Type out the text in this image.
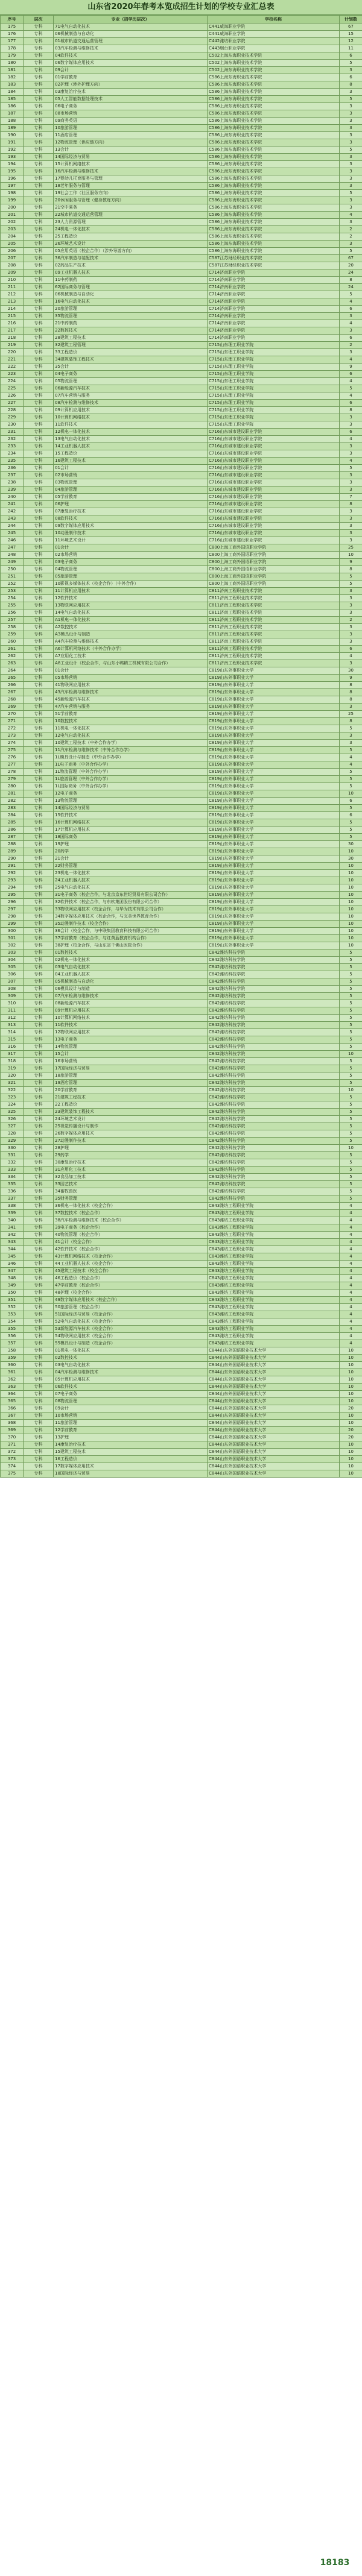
山东省2020年春考本览成招生计划的学校专业汇总表
序号	层次	专业（招学历层次）	学校名称	计划数
175	专科	71电气自动化技术	C441威海职业学院	67
176	专科	06机械制造与自动化	C441威海职业学院	15
177	专科	01城市轨道交通运营管理	C442潍坊职业学院	12
178	专科	03汽车检测与维修技术	C443烟台职业学院	11
179	专科	04软件技术	C502上海东海职业技术学院	6
180	专科	06数字媒体应用技术	C502上海东海职业技术学院	5
181	专科	09会计	C502上海东海职业技术学院	3
182	专科	01学前教育	C586上海东海职业技术学院	6
183	专科	02护理（涉外护理方向）	C586上海东海职业技术学院	8
184	专科	03康复治疗技术	C586上海东海职业技术学院	3
185	专科	05人工智能数据处理技术	C586上海东海职业技术学院	5
186	专科	06电子商务	C586上海东海职业技术学院	3
187	专科	08市场营销	C586上海东海职业技术学院	3
188	专科	09商务英语	C586上海东海职业技术学院	3
189	专科	10旅游管理	C586上海东海职业技术学院	3
190	专科	11酒店管理	C586上海东海职业技术学院	3
191	专科	12物流管理（供应链方向）	C586上海东海职业技术学院	3
192	专科	13会计	C586上海东海职业技术学院	5
193	专科	14国际经济与贸易	C586上海东海职业技术学院	3
194	专科	15计算机网络技术	C586上海东海职业技术学院	3
195	专科	16汽车检测与维修技术	C586上海东海职业技术学院	3
196	专科	17婴幼儿托育服务与管理	C586上海东海职业技术学院	3
197	专科	18老年服务与管理	C586上海东海职业技术学院	3
198	专科	19社会工作（社区服务方向）	C586上海东海职业技术学院	5
199	专科	20休闲服务与管理（健身教练方向）	C586上海东海职业技术学院	3
200	专科	21空中乘务	C586上海东海职业技术学院	3
201	专科	22城市轨道交通运营管理	C586上海东海职业技术学院	4
202	专科	23人力资源管理	C586上海东海职业技术学院	3
203	专科	24机电一体化技术	C586上海东海职业技术学院	2
204	专科	25工程造价	C586上海东海职业技术学院	2
205	专科	26环境艺术设计	C586上海东海职业技术学院	3
206	专科	05应用英语（校企合作）（涉外导游方向）	C586上海东海职业技术学院	5
207	专科	36汽车制造与装配技术	C587江苏财经职业技术学院	67
208	专科	02药品生产技术	C587江苏财经职业技术学院	20
209	专科	09工业机器人技术	C714济南职业学院	24
210	专科	11中药制药	C714济南职业学院	8
211	专科	62国际商务与管理	C714济南职业学院	24
212	专科	06机械制造与自动化	C714济南职业学院	5
213	专科	16电气自动化技术	C714济南职业学院	4
214	专科	20旅游管理	C714济南职业学院	6
215	专科	35物流管理	C714济南职业学院	3
216	专科	21中药制药	C714济南职业学院	4
217	专科	22数控技术	C714济南职业学院	3
218	专科	28建筑工程技术	C714济南职业学院	6
219	专科	32建筑工程管理	C715山东理工职业学院	2
220	专科	33工程造价	C715山东理工职业学院	3
221	专科	34建筑装饰工程技术	C715山东理工职业学院	4
222	专科	35会计	C715山东理工职业学院	9
223	专科	04电子商务	C715山东理工职业学院	6
224	专科	05物流管理	C715山东理工职业学院	4
225	专科	06新能源汽车技术	C715山东理工职业学院	5
226	专科	07汽车营销与服务	C715山东理工职业学院	4
227	专科	08汽车检测与维修技术	C715山东理工职业学院	6
228	专科	09计算机应用技术	C715山东理工职业学院	8
229	专科	10计算机网络技术	C715山东理工职业学院	3
230	专科	11软件技术	C715山东理工职业学院	3
231	专科	12机电一体化技术	C716山东城市建设职业学院	6
232	专科	13电气自动化技术	C716山东城市建设职业学院	4
233	专科	14工业机器人技术	C716山东城市建设职业学院	3
234	专科	15工程造价	C716山东城市建设职业学院	3
235	专科	16建筑工程技术	C716山东城市建设职业学院	4
236	专科	01会计	C716山东城市建设职业学院	5
237	专科	02市场营销	C716山东城市建设职业学院	3
238	专科	03物流管理	C716山东城市建设职业学院	3
239	专科	04旅游管理	C716山东城市建设职业学院	3
240	专科	05学前教育	C716山东城市建设职业学院	7
241	专科	06护理	C716山东城市建设职业学院	8
242	专科	07康复治疗技术	C716山东城市建设职业学院	3
243	专科	08软件技术	C716山东城市建设职业学院	3
244	专科	09数字媒体应用技术	C716山东城市建设职业学院	3
245	专科	10动漫制作技术	C716山东城市建设职业学院	3
246	专科	11环境艺术设计	C716山东城市建设职业学院	3
247	专科	01会计	C800上海工商外国语职业学院	25
248	专科	02市场营销	C800上海工商外国语职业学院	10
249	专科	03电子商务	C800上海工商外国语职业学院	9
250	专科	04物流管理	C800上海工商外国语职业学院	8
251	专科	05旅游管理	C800上海工商外国语职业学院	5
252	专科	10影视多媒体技术（校企合作）（中外合作）	C800上海工商外国语职业学院	5
253	专科	11计算机应用技术	C811济南工程职业技术学院	3
254	专科	12软件技术	C811济南工程职业技术学院	3
255	专科	13物联网应用技术	C811济南工程职业技术学院	3
256	专科	14电气自动化技术	C811济南工程职业技术学院	3
257	专科	A1机电一体化技术	C811济南工程职业技术学院	2
258	专科	A2数控技术	C811济南工程职业技术学院	3
259	专科	A3模具设计与制造	C811济南工程职业技术学院	3
260	专科	A4汽车检测与维修技术	C811济南工程职业技术学院	3
261	专科	A6计算机网络技术（中外合作办学）	C811济南工程职业技术学院	6
262	专科	A7应用化工技术	C811济南工程职业技术学院	4
263	专科	A8工业设计（校企合作，与山东小鸭精工机械有限公司合作）	C811济南工程职业技术学院	3
264	专科	01会计	C819山东外事职业大学	30
265	专科	05市场营销	C819山东外事职业大学	9
266	专科	41物联网应用技术	C819山东外事职业大学	8
267	专科	43汽车检测与维修技术	C819山东外事职业大学	8
268	专科	45新能源汽车技术	C819山东外事职业大学	8
269	专科	47汽车营销与服务	C819山东外事职业大学	3
270	专科	51学前教育	C819山东外事职业大学	25
271	专科	10数控技术	C819山东外事职业大学	8
272	专科	11机电一体化技术	C819山东外事职业大学	5
273	专科	12电气自动化技术	C819山东外事职业大学	3
274	专科	10建筑工程技术（中外合作办学）	C819山东外事职业大学	3
275	专科	11汽车检测与维修技术（中外合作办学）	C819山东外事职业大学	5
276	专科	1L模具设计与制造（中外合作办学）	C819山东外事职业大学	4
277	专科	1L电子商务（中外合作办学）	C819山东外事职业大学	4
278	专科	1L物流管理（中外合作办学）	C819山东外事职业大学	5
279	专科	1L旅游管理（中外合作办学）	C819山东外事职业大学	5
280	专科	1L国际商务（中外合作办学）	C819山东外事职业大学	5
281	专科	12电子商务	C819山东外事职业大学	10
282	专科	13物流管理	C819山东外事职业大学	6
283	专科	14国际经济与贸易	C819山东外事职业大学	5
284	专科	15软件技术	C819山东外事职业大学	6
285	专科	16计算机网络技术	C819山东外事职业大学	5
286	专科	17计算机应用技术	C819山东外事职业大学	5
287	专科	18国际商务	C819山东外事职业大学	5
288	专科	19护理	C819山东外事职业大学	30
289	专科	20药学	C819山东外事职业大学	10
290	专科	21会计	C819山东外事职业大学	30
291	专科	22财务管理	C819山东外事职业大学	10
292	专科	23机电一体化技术	C819山东外事职业大学	10
293	专科	24工业机器人技术	C819山东外事职业大学	10
294	专科	25电气自动化技术	C819山东外事职业大学	10
295	专科	31电子商务（校企合作，与北京京东世纪贸易有限公司合作）	C819山东外事职业大学	10
296	专科	32软件技术（校企合作，与东软集团股份有限公司合作）	C819山东外事职业大学	10
297	专科	33物联网应用技术（校企合作，与华为技术有限公司合作）	C819山东外事职业大学	10
298	专科	34数字媒体应用技术（校企合作，与完美世界教育合作）	C819山东外事职业大学	10
299	专科	35动漫制作技术（校企合作）	C819山东外事职业大学	10
300	专科	36会计（校企合作，与中联集团教育科技有限公司合作）	C819山东外事职业大学	10
301	专科	37学前教育（校企合作，与红黄蓝教育机构合作）	C819山东外事职业大学	10
302	专科	38护理（校企合作，与山东省千佛山医院合作）	C819山东外事职业大学	10
303	专科	01数控技术	C842潍坊科技学院	5
304	专科	02机电一体化技术	C842潍坊科技学院	5
305	专科	03电气自动化技术	C842潍坊科技学院	5
306	专科	04工业机器人技术	C842潍坊科技学院	5
307	专科	05机械制造与自动化	C842潍坊科技学院	5
308	专科	06模具设计与制造	C842潍坊科技学院	5
309	专科	07汽车检测与维修技术	C842潍坊科技学院	5
310	专科	08新能源汽车技术	C842潍坊科技学院	5
311	专科	09计算机应用技术	C842潍坊科技学院	5
312	专科	10计算机网络技术	C842潍坊科技学院	5
313	专科	11软件技术	C842潍坊科技学院	5
314	专科	12物联网应用技术	C842潍坊科技学院	5
315	专科	13电子商务	C842潍坊科技学院	5
316	专科	14物流管理	C842潍坊科技学院	5
317	专科	15会计	C842潍坊科技学院	10
318	专科	16市场营销	C842潍坊科技学院	5
319	专科	17国际经济与贸易	C842潍坊科技学院	5
320	专科	18旅游管理	C842潍坊科技学院	5
321	专科	19酒店管理	C842潍坊科技学院	5
322	专科	20学前教育	C842潍坊科技学院	10
323	专科	21建筑工程技术	C842潍坊科技学院	5
324	专科	22工程造价	C842潍坊科技学院	5
325	专科	23建筑装饰工程技术	C842潍坊科技学院	5
326	专科	24环境艺术设计	C842潍坊科技学院	5
327	专科	25视觉传播设计与制作	C842潍坊科技学院	5
328	专科	26数字媒体应用技术	C842潍坊科技学院	5
329	专科	27动漫制作技术	C842潍坊科技学院	5
330	专科	28护理	C842潍坊科技学院	10
331	专科	29药学	C842潍坊科技学院	5
332	专科	30康复治疗技术	C842潍坊科技学院	5
333	专科	31应用化工技术	C842潍坊科技学院	5
334	专科	32食品加工技术	C842潍坊科技学院	5
335	专科	33园艺技术	C842潍坊科技学院	5
336	专科	34畜牧兽医	C842潍坊科技学院	5
337	专科	35财务管理	C842潍坊科技学院	5
338	专科	36机电一体化技术（校企合作）	C843潍坊工程职业学院	4
339	专科	37数控技术（校企合作）	C843潍坊工程职业学院	4
340	专科	38汽车检测与维修技术（校企合作）	C843潍坊工程职业学院	4
341	专科	39电子商务（校企合作）	C843潍坊工程职业学院	4
342	专科	40物流管理（校企合作）	C843潍坊工程职业学院	4
343	专科	41会计（校企合作）	C843潍坊工程职业学院	4
344	专科	42软件技术（校企合作）	C843潍坊工程职业学院	4
345	专科	43计算机网络技术（校企合作）	C843潍坊工程职业学院	4
346	专科	44工业机器人技术（校企合作）	C843潍坊工程职业学院	4
347	专科	45建筑工程技术（校企合作）	C843潍坊工程职业学院	4
348	专科	46工程造价（校企合作）	C843潍坊工程职业学院	4
349	专科	47学前教育（校企合作）	C843潍坊工程职业学院	4
350	专科	48护理（校企合作）	C843潍坊工程职业学院	4
351	专科	49数字媒体应用技术（校企合作）	C843潍坊工程职业学院	4
352	专科	50旅游管理（校企合作）	C843潍坊工程职业学院	4
353	专科	51国际经济与贸易（校企合作）	C843潍坊工程职业学院	4
354	专科	52电气自动化技术（校企合作）	C843潍坊工程职业学院	4
355	专科	53新能源汽车技术（校企合作）	C843潍坊工程职业学院	4
356	专科	54物联网应用技术（校企合作）	C843潍坊工程职业学院	4
357	专科	55模具设计与制造（校企合作）	C843潍坊工程职业学院	4
358	专科	01机电一体化技术	C844山东外国语职业技术大学	10
359	专科	02数控技术	C844山东外国语职业技术大学	10
360	专科	03电气自动化技术	C844山东外国语职业技术大学	10
361	专科	04汽车检测与维修技术	C844山东外国语职业技术大学	10
362	专科	05计算机应用技术	C844山东外国语职业技术大学	10
363	专科	06软件技术	C844山东外国语职业技术大学	10
364	专科	07电子商务	C844山东外国语职业技术大学	10
365	专科	08物流管理	C844山东外国语职业技术大学	10
366	专科	09会计	C844山东外国语职业技术大学	20
367	专科	10市场营销	C844山东外国语职业技术大学	10
368	专科	11旅游管理	C844山东外国语职业技术大学	10
369	专科	12学前教育	C844山东外国语职业技术大学	20
370	专科	13护理	C844山东外国语职业技术大学	20
371	专科	14康复治疗技术	C844山东外国语职业技术大学	10
372	专科	15建筑工程技术	C844山东外国语职业技术大学	10
373	专科	16工程造价	C844山东外国语职业技术大学	10
374	专科	17数字媒体应用技术	C844山东外国语职业技术大学	10
375	专科	18国际经济与贸易	C844山东外国语职业技术大学	10
18183
